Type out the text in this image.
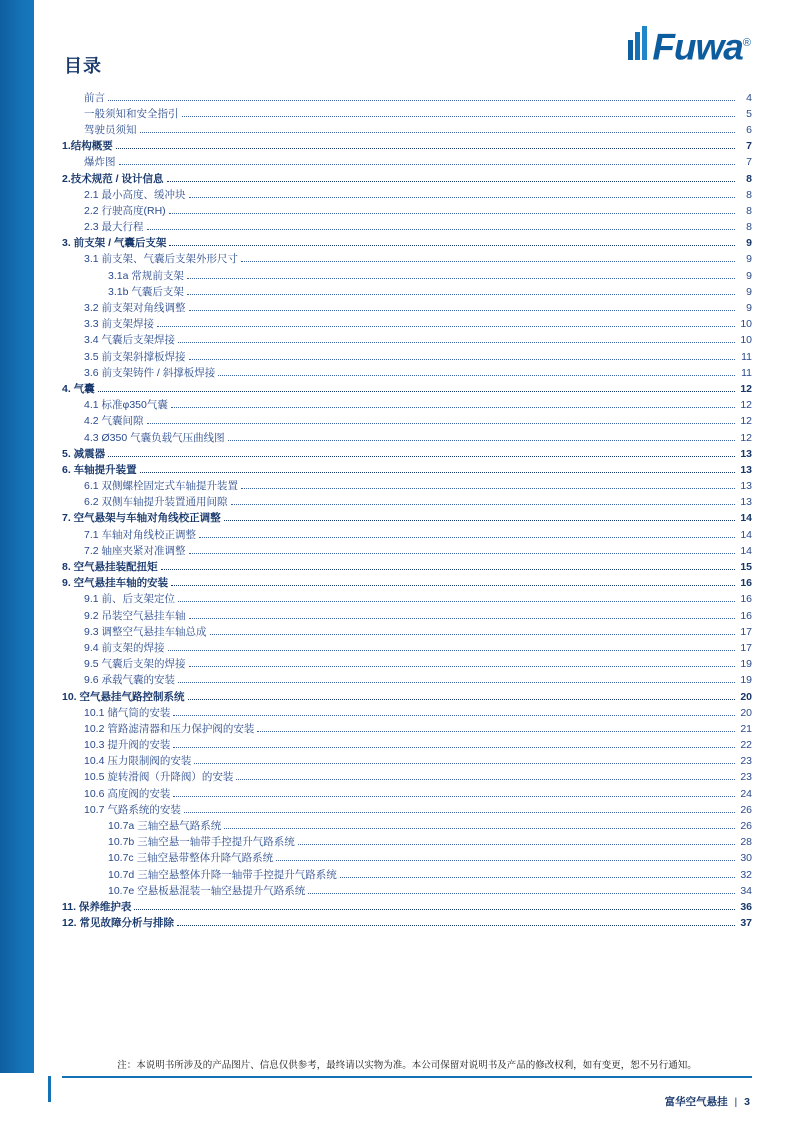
Fuwa®
目录
前言	4
一般须知和安全指引	5
驾驶员须知	6
1.结构概要	7
爆炸图	7
2.技术规范 / 设计信息	8
2.1 最小高度、缓冲块	8
2.2 行驶高度(RH)	8
2.3 最大行程	8
3. 前支架 / 气囊后支架	9
3.1 前支架、气囊后支架外形尺寸	9
3.1a 常规前支架	9
3.1b 气囊后支架	9
3.2 前支架对角线调整	9
3.3 前支架焊接	10
3.4 气囊后支架焊接	10
3.5 前支架斜撑板焊接	11
3.6 前支架铸件 / 斜撑板焊接	11
4. 气囊	12
4.1 标准φ350气囊	12
4.2 气囊间隙	12
4.3 Ø350 气囊负载气压曲线图	12
5. 减震器	13
6. 车轴提升装置	13
6.1 双侧螺栓固定式车轴提升装置	13
6.2 双侧车轴提升装置通用间隙	13
7. 空气悬架与车轴对角线校正调整	14
7.1 车轴对角线校正调整	14
7.2 轴座夹紧对准调整	14
8. 空气悬挂装配扭矩	15
9. 空气悬挂车轴的安装	16
9.1 前、后支架定位	16
9.2 吊装空气悬挂车轴	16
9.3 调整空气悬挂车轴总成	17
9.4 前支架的焊接	17
9.5 气囊后支架的焊接	19
9.6 承载气囊的安装	19
10. 空气悬挂气路控制系统	20
10.1 储气筒的安装	20
10.2 管路滤清器和压力保护阀的安装	21
10.3 提升阀的安装	22
10.4 压力限制阀的安装	23
10.5 旋转滑阀（升降阀）的安装	23
10.6 高度阀的安装	24
10.7 气路系统的安装	26
10.7a 三轴空悬气路系统	26
10.7b 三轴空悬一轴带手控提升气路系统	28
10.7c 三轴空悬带整体升降气路系统	30
10.7d 三轴空悬整体升降一轴带手控提升气路系统	32
10.7e 空悬板悬混装一轴空悬提升气路系统	34
11. 保养维护表	36
12. 常见故障分析与排除	37
注：本说明书所涉及的产品图片、信息仅供参考，最终请以实物为准。本公司保留对说明书及产品的修改权利，如有变更，恕不另行通知。
富华空气悬挂 | 3
